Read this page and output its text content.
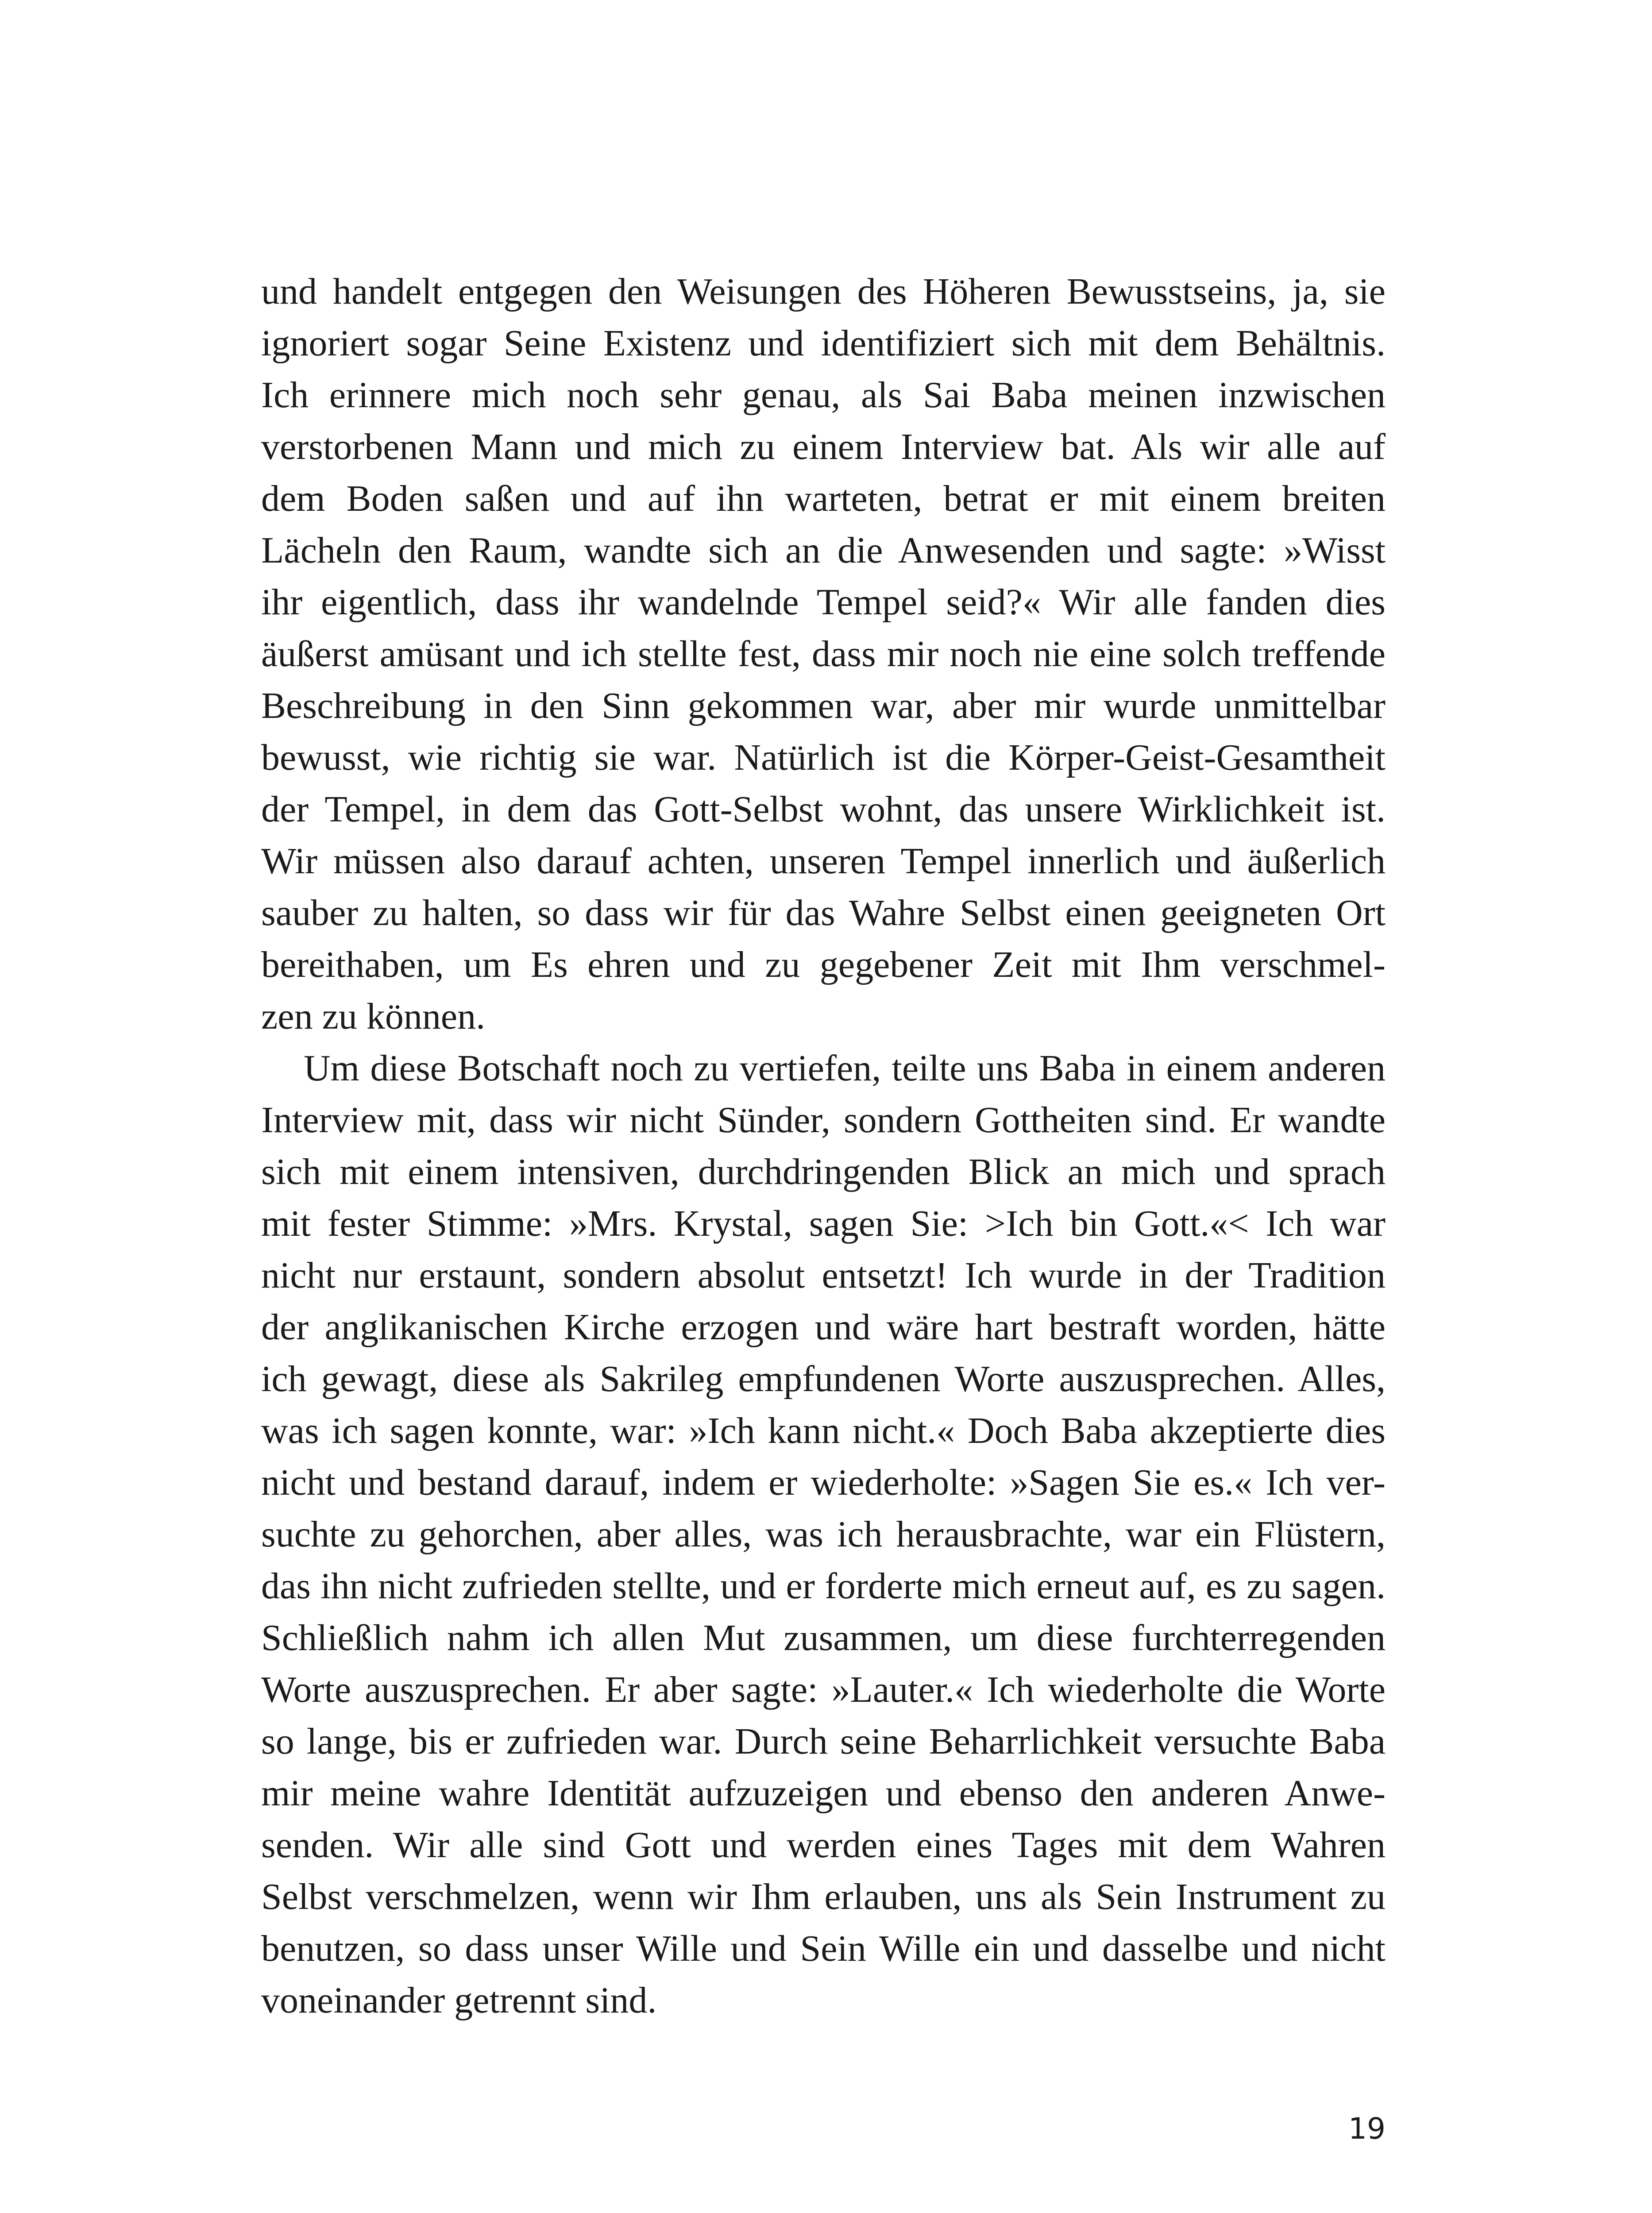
und handelt entgegen den Weisungen des Höheren Bewusstseins, ja, sie
ignoriert sogar Seine Existenz und identifiziert sich mit dem Behältnis.
Ich erinnere mich noch sehr genau, als Sai Baba meinen inzwischen
verstorbenen Mann und mich zu einem Interview bat. Als wir alle auf
dem Boden saßen und auf ihn warteten, betrat er mit einem breiten
Lächeln den Raum, wandte sich an die Anwesenden und sagte: »Wisst
ihr eigentlich, dass ihr wandelnde Tempel seid?« Wir alle fanden dies
äußerst amüsant und ich stellte fest, dass mir noch nie eine solch treffende
Beschreibung in den Sinn gekommen war, aber mir wurde unmittelbar
bewusst, wie richtig sie war. Natürlich ist die Körper-Geist-Gesamtheit
der Tempel, in dem das Gott-Selbst wohnt, das unsere Wirklichkeit ist.
Wir müssen also darauf achten, unseren Tempel innerlich und äußerlich
sauber zu halten, so dass wir für das Wahre Selbst einen geeigneten Ort
bereithaben, um Es ehren und zu gegebener Zeit mit Ihm verschmel-
zen zu können.

Um diese Botschaft noch zu vertiefen, teilte uns Baba in einem anderen
Interview mit, dass wir nicht Sünder, sondern Gottheiten sind. Er wandte
sich mit einem intensiven, durchdringenden Blick an mich und sprach
mit fester Stimme: »Mrs. Krystal, sagen Sie: >Ich bin Gott.«< Ich war
nicht nur erstaunt, sondern absolut entsetzt! Ich wurde in der Tradition
der anglikanischen Kirche erzogen und wäre hart bestraft worden, hätte
ich gewagt, diese als Sakrileg empfundenen Worte auszusprechen. Alles,
was ich sagen konnte, war: »Ich kann nicht.« Doch Baba akzeptierte dies
nicht und bestand darauf, indem er wiederholte: »Sagen Sie es.« Ich ver-
suchte zu gehorchen, aber alles, was ich herausbrachte, war ein Flüstern,
das ihn nicht zufrieden stellte, und er forderte mich erneut auf, es zu sagen.
Schließlich nahm ich allen Mut zusammen, um diese furchterregenden
Worte auszusprechen. Er aber sagte: »Lauter.« Ich wiederholte die Worte
so lange, bis er zufrieden war. Durch seine Beharrlichkeit versuchte Baba
mir meine wahre Identität aufzuzeigen und ebenso den anderen Anwe-
senden. Wir alle sind Gott und werden eines Tages mit dem Wahren
Selbst verschmelzen, wenn wir Ihm erlauben, uns als Sein Instrument zu
benutzen, so dass unser Wille und Sein Wille ein und dasselbe und nicht
voneinander getrennt sind.

19
